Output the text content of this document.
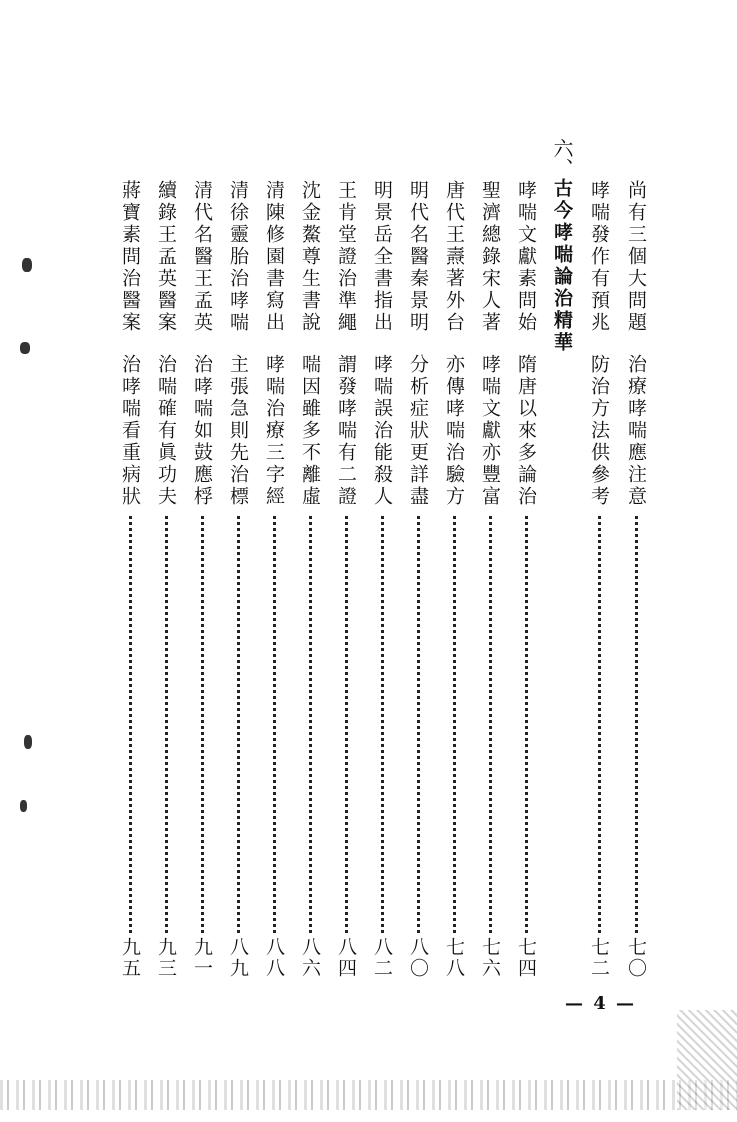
尚有三個大問題
治療哮喘應注意
七〇
哮喘發作有預兆
防治方法供參考
七二
哮喘文獻素問始
隋唐以來多論治
七四
聖濟總錄宋人著
哮喘文獻亦豐富
七六
唐代王燾著外台
亦傳哮喘治驗方
七八
明代名醫秦景明
分析症狀更詳盡
八〇
明景岳全書指出
哮喘誤治能殺人
八二
王肯堂證治準繩
謂發哮喘有二證
八四
沈金鰲尊生書說
喘因雖多不離虛
八六
清陳修園書寫出
哮喘治療三字經
八八
清徐靈胎治哮喘
主張急則先治標
八九
清代名醫王孟英
治哮喘如鼓應桴
九一
續錄王孟英醫案
治喘確有眞功夫
九三
蔣寶素問治醫案
治哮喘看重病狀
九五
六、
古今哮喘論治精華
— 4 —
